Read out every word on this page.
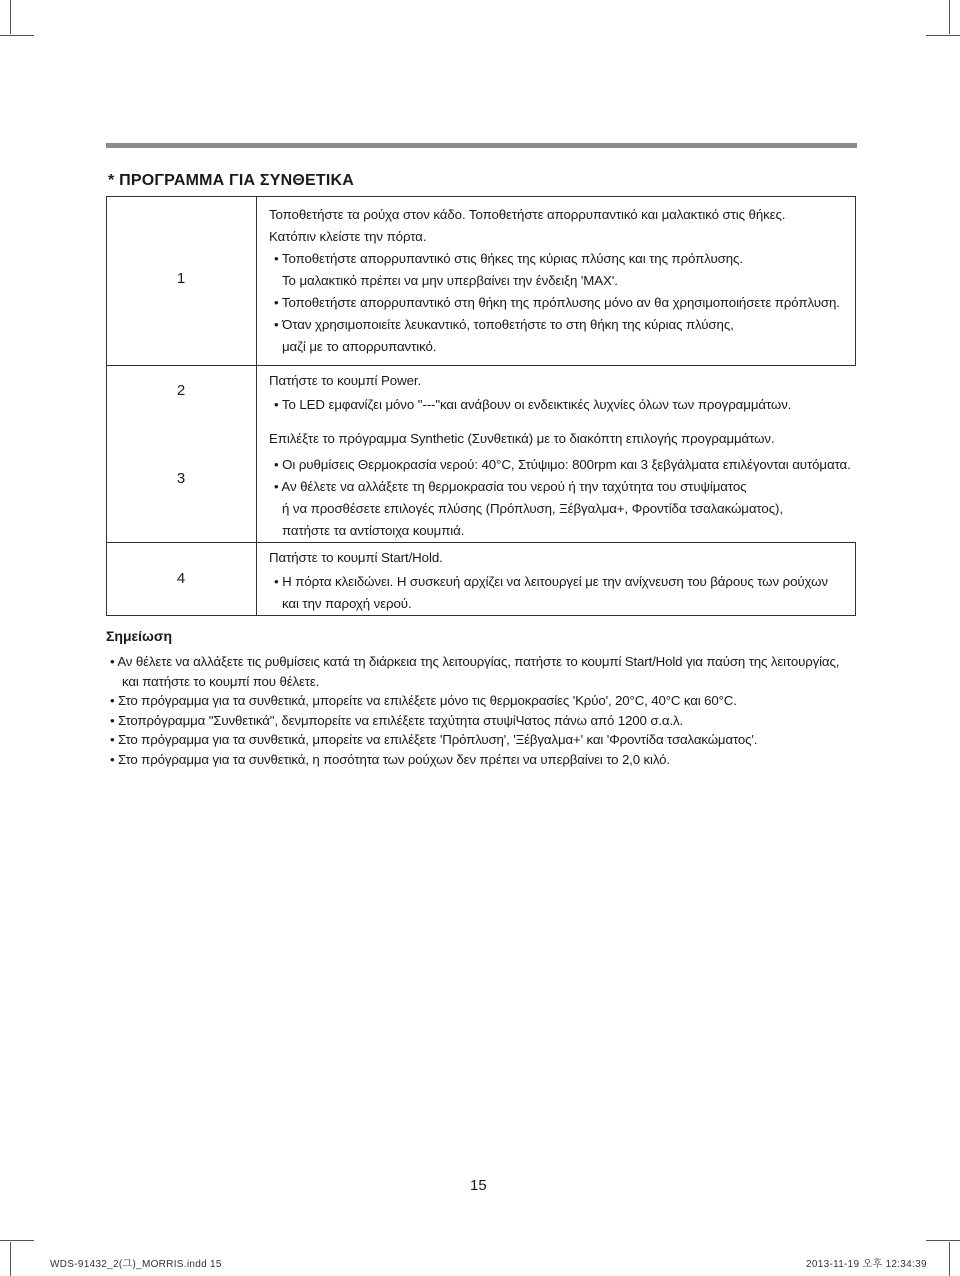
* ΠΡΟΓΡΑΜΜΑ ΓΙΑ ΣΥΝΘΕΤΙΚΑ
1
Τοποθετήστε τα ρούχα στον κάδο. Τοποθετήστε απορρυπαντικό και μαλακτικό στις θήκες.
Κατόπιν κλείστε την πόρτα.
• Τοποθετήστε απορρυπαντικό στις θήκες της κύριας πλύσης και της πρόπλυσης.
Το μαλακτικό πρέπει να μην υπερβαίνει την ένδειξη 'MAX'.
• Τοποθετήστε απορρυπαντικό στη θήκη της πρόπλυσης μόνο αν θα χρησιμοποιήσετε πρόπλυση.
• Όταν χρησιμοποιείτε λευκαντικό, τοποθετήστε το στη θήκη της κύριας πλύσης,
μαζί με το απορρυπαντικό.
2
Πατήστε το κουμπί Power.
• To LED εμφανίζει μόνο "---"και ανάβουν οι ενδεικτικές λυχνίες όλων των προγραμμάτων.
3
Επιλέξτε το πρόγραμμα Synthetic (Συνθετικά) με το διακόπτη επιλογής προγραμμάτων.
• Οι ρυθμίσεις Θερμοκρασία νερού: 40°C, Στύψιμο: 800rpm και 3 ξεβγάλματα επιλέγονται αυτόματα.
• Αν θέλετε να αλλάξετε τη θερμοκρασία του νερού ή την ταχύτητα του στυψίματος
ή να προσθέσετε επιλογές πλύσης (Πρόπλυση, Ξέβγαλμα+, Φροντίδα τσαλακώματος),
πατήστε τα αντίστοιχα κουμπιά.
4
Πατήστε το κουμπί Start/Hold.
• Η πόρτα κλειδώνει. Η συσκευή αρχίζει να λειτουργεί με την ανίχνευση του βάρους των ρούχων
και την παροχή νερού.
Σημείωση
• Αν θέλετε να αλλάξετε τις ρυθμίσεις κατά τη διάρκεια της λειτουργίας, πατήστε το κουμπί Start/Hold για παύση της λειτουργίας,
και πατήστε το κουμπί που θέλετε.
• Στο πρόγραμμα για τα συνθετικά, μπορείτε να επιλέξετε μόνο τις θερμοκρασίες 'Κρύο', 20°C, 40°C και 60°C.
• Στοπρόγραμμα "Συνθετικά", δενμπορείτε να επιλέξετε ταχύτητα στυψίЧατος πάνω από 1200 σ.α.λ.
• Στο πρόγραμμα για τα συνθετικά, μπορείτε να επιλέξετε 'Πρόπλυση', 'Ξέβγαλμα+' και 'Φροντίδα τσαλακώματος'.
• Στο πρόγραμμα για τα συνθετικά, η ποσότητα των ρούχων δεν πρέπει να υπερβαίνει το 2,0 κιλό.
15
WDS-91432_2(그)_MORRIS.indd 15	2013-11-19 오후 12:34:39
